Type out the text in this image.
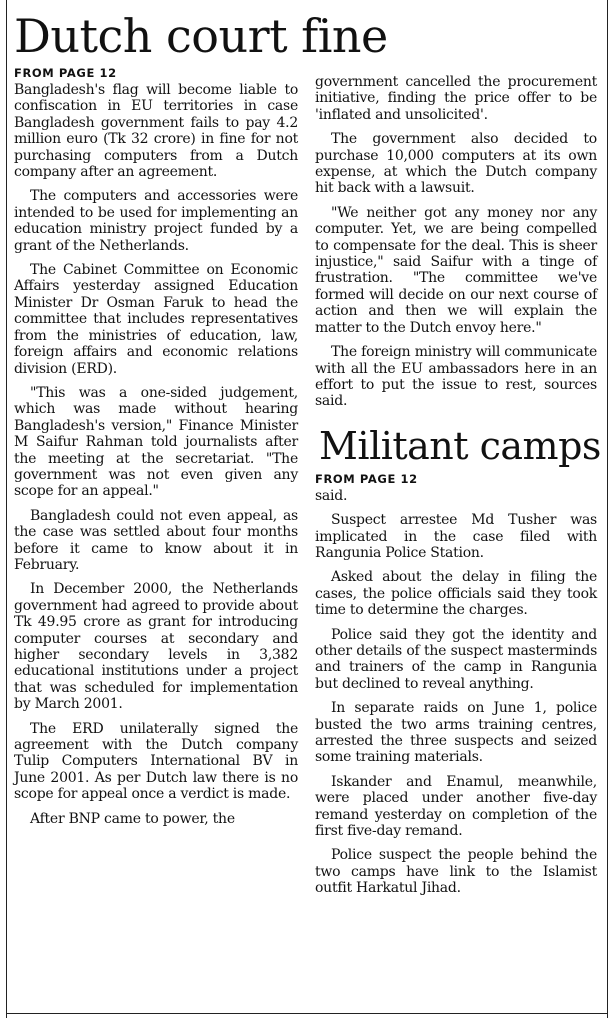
Dutch court fine
FROM PAGE 12

Bangladesh's flag will become liable to confiscation in EU territories in case Bangladesh government fails to pay 4.2 million euro (Tk 32 crore) in fine for not purchasing computers from a Dutch company after an agreement.

The computers and accessories were intended to be used for implementing an education ministry project funded by a grant of the Netherlands.

The Cabinet Committee on Economic Affairs yesterday assigned Education Minister Dr Osman Faruk to head the committee that includes representatives from the ministries of education, law, foreign affairs and economic relations division (ERD).

"This was a one-sided judgement, which was made without hearing Bangladesh's version," Finance Minister M Saifur Rahman told journalists after the meeting at the secretariat. "The government was not even given any scope for an appeal."

Bangladesh could not even appeal, as the case was settled about four months before it came to know about it in February.

In December 2000, the Netherlands government had agreed to provide about Tk 49.95 crore as grant for introducing computer courses at secondary and higher secondary levels in 3,382 educational institutions under a project that was scheduled for implementation by March 2001.

The ERD unilaterally signed the agreement with the Dutch company Tulip Computers International BV in June 2001. As per Dutch law there is no scope for appeal once a verdict is made.

After BNP came to power, the

government cancelled the procurement initiative, finding the price offer to be 'inflated and unsolicited'.

The government also decided to purchase 10,000 computers at its own expense, at which the Dutch company hit back with a lawsuit.

"We neither got any money nor any computer. Yet, we are being compelled to compensate for the deal. This is sheer injustice," said Saifur with a tinge of frustration. "The committee we've formed will decide on our next course of action and then we will explain the matter to the Dutch envoy here."

The foreign ministry will communicate with all the EU ambassadors here in an effort to put the issue to rest, sources said.

Militant camps
FROM PAGE 12

said.

Suspect arrestee Md Tusher was implicated in the case filed with Rangunia Police Station.

Asked about the delay in filing the cases, the police officials said they took time to determine the charges.

Police said they got the identity and other details of the suspect masterminds and trainers of the camp in Rangunia but declined to reveal anything.

In separate raids on June 1, police busted the two arms training centres, arrested the three suspects and seized some training materials.

Iskander and Enamul, meanwhile, were placed under another five-day remand yesterday on completion of the first five-day remand.

Police suspect the people behind the two camps have link to the Islamist outfit Harkatul Jihad.
